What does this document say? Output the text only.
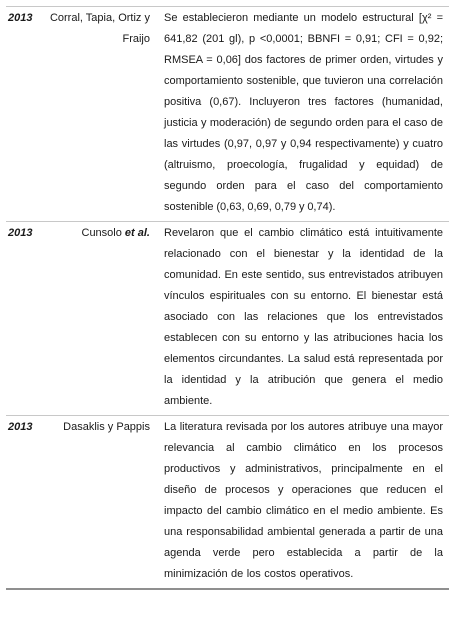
2013	Corral, Tapia, Ortiz y Fraijo	Se establecieron mediante un modelo estructural [χ² = 641,82 (201 gl), p <0,0001; BBNFI = 0,91; CFI = 0,92; RMSEA = 0,06] dos factores de primer orden, virtudes y comportamiento sostenible, que tuvieron una correlación positiva (0,67). Incluyeron tres factores (humanidad, justicia y moderación) de segundo orden para el caso de las virtudes (0,97, 0,97 y 0,94 respectivamente) y cuatro (altruismo, proecología, frugalidad y equidad) de segundo orden para el caso del comportamiento sostenible (0,63, 0,69, 0,79 y 0,74).
2013	Cunsolo et al.	Revelaron que el cambio climático está intuitivamente relacionado con el bienestar y la identidad de la comunidad. En este sentido, sus entrevistados atribuyen vínculos espirituales con su entorno. El bienestar está asociado con las relaciones que los entrevistados establecen con su entorno y las atribuciones hacia los elementos circundantes. La salud está representada por la identidad y la atribución que genera el medio ambiente.
2013	Dasaklis y Pappis	La literatura revisada por los autores atribuye una mayor relevancia al cambio climático en los procesos productivos y administrativos, principalmente en el diseño de procesos y operaciones que reducen el impacto del cambio climático en el medio ambiente. Es una responsabilidad ambiental generada a partir de una agenda verde pero establecida a partir de la minimización de los costos operativos.
